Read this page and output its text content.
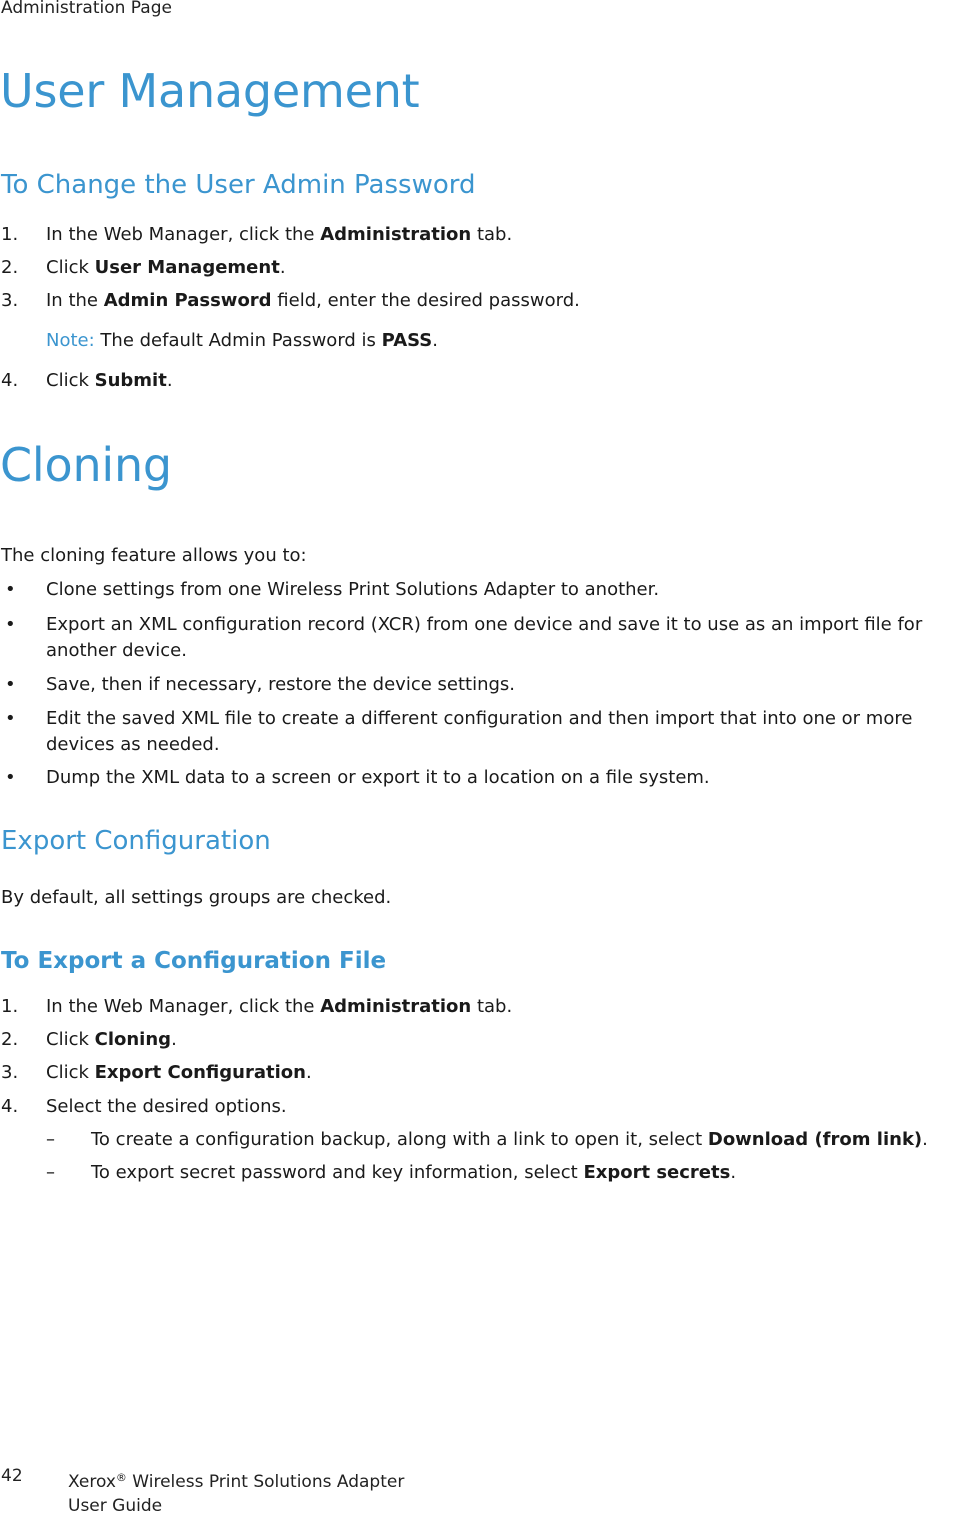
Administration Page
User Management
To Change the User Admin Password
1. In the Web Manager, click the Administration tab.
2. Click User Management.
3. In the Admin Password field, enter the desired password.
Note: The default Admin Password is PASS.
4. Click Submit.
Cloning
The cloning feature allows you to:
• Clone settings from one Wireless Print Solutions Adapter to another.
• Export an XML configuration record (XCR) from one device and save it to use as an import file for
another device.
• Save, then if necessary, restore the device settings.
• Edit the saved XML file to create a different configuration and then import that into one or more
devices as needed.
• Dump the XML data to a screen or export it to a location on a file system.
Export Configuration
By default, all settings groups are checked.
To Export a Configuration File
1. In the Web Manager, click the Administration tab.
2. Click Cloning.
3. Click Export Configuration.
4. Select the desired options.
– To create a configuration backup, along with a link to open it, select Download (from link).
– To export secret password and key information, select Export secrets.
42	Xerox® Wireless Print Solutions Adapter
User Guide
